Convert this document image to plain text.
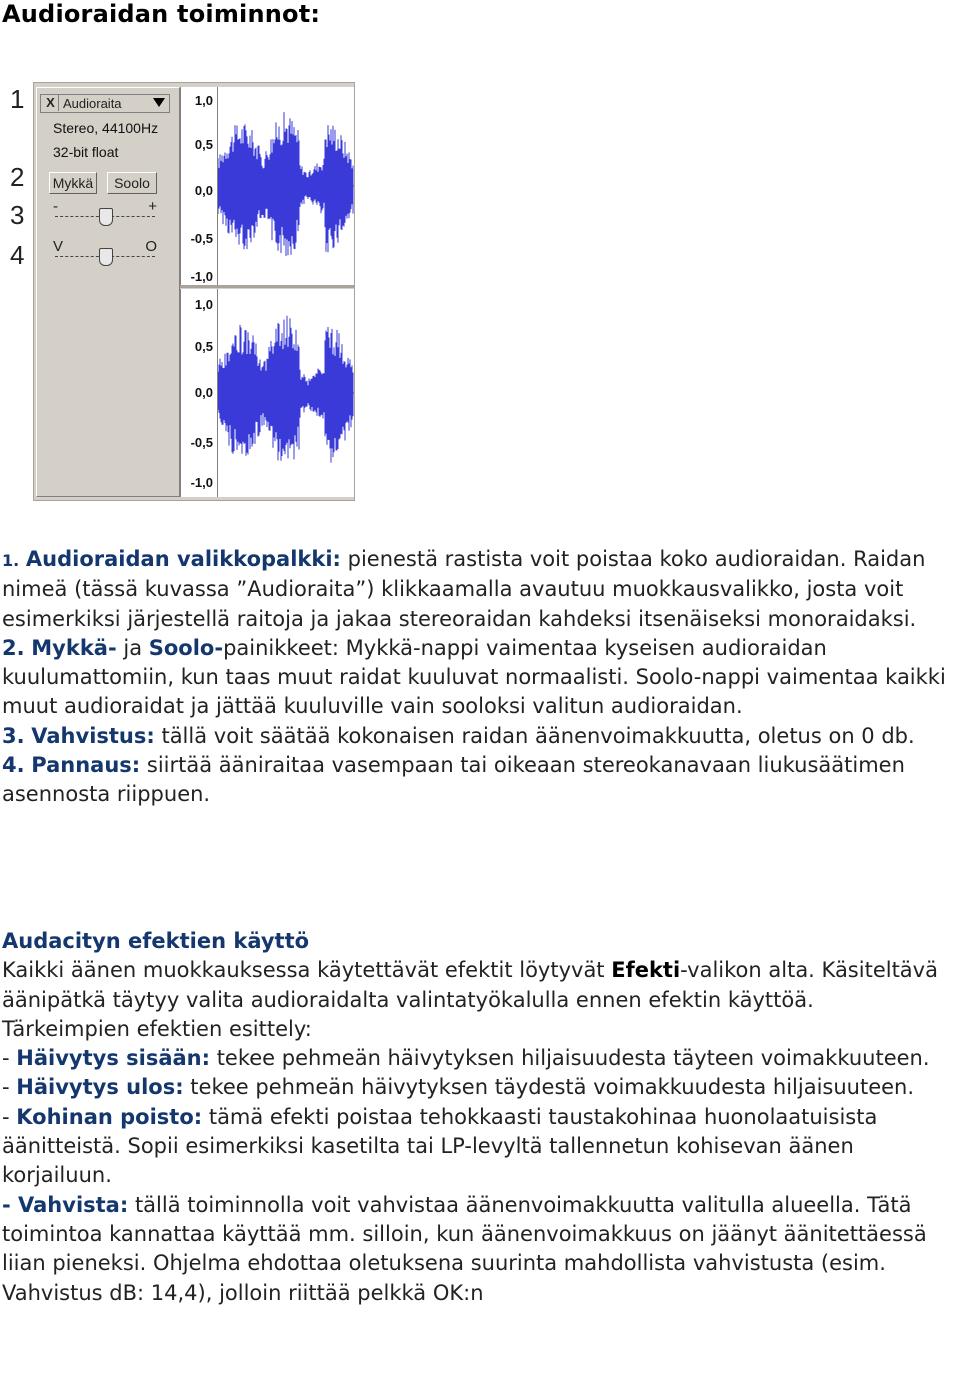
Audioraidan toiminnot:
1
2
3
4
X Audioraita
Stereo, 44100Hz
32-bit float
Mykkä	Soolo
-	+
V	O
1,0
0,5
0,0
-0,5
-1,0
1,0
0,5
0,0
-0,5
-1,0

1. Audioraidan valikkopalkki: pienestä rastista voit poistaa koko audioraidan. Raidan nimeä (tässä kuvassa ”Audioraita”) klikkaamalla avautuu muokkausvalikko, josta voit esimerkiksi järjestellä raitoja ja jakaa stereoraidan kahdeksi itsenäiseksi monoraidaksi.

2. Mykkä- ja Soolo-painikkeet: Mykkä-nappi vaimentaa kyseisen audioraidan kuulumattomiin, kun taas muut raidat kuuluvat normaalisti. Soolo-nappi vaimentaa kaikki muut audioraidat ja jättää kuuluville vain sooloksi valitun audioraidan.

3. Vahvistus: tällä voit säätää kokonaisen raidan äänenvoimakkuutta, oletus on 0 db.

4. Pannaus: siirtää ääniraitaa vasempaan tai oikeaan stereokanavaan liukusäätimen asennosta riippuen.

Audacityn efektien käyttö

Kaikki äänen muokkauksessa käytettävät efektit löytyvät Efekti-valikon alta. Käsiteltävä äänipätkä täytyy valita audioraidalta valintatyökalulla ennen efektin käyttöä.

Tärkeimpien efektien esittely:

- Häivytys sisään: tekee pehmeän häivytyksen hiljaisuudesta täyteen voimakkuuteen.

- Häivytys ulos: tekee pehmeän häivytyksen täydestä voimakkuudesta hiljaisuuteen.

- Kohinan poisto: tämä efekti poistaa tehokkaasti taustakohinaa huonolaatuisista äänitteistä. Sopii esimerkiksi kasetilta tai LP-levyltä tallennetun kohisevan äänen korjailuun.

- Vahvista: tällä toiminnolla voit vahvistaa äänenvoimakkuutta valitulla alueella. Tätä toimintoa kannattaa käyttää mm. silloin, kun äänenvoimakkuus on jäänyt äänitettäessä liian pieneksi. Ohjelma ehdottaa oletuksena suurinta mahdollista vahvistusta (esim. Vahvistus dB: 14,4), jolloin riittää pelkkä OK:n
